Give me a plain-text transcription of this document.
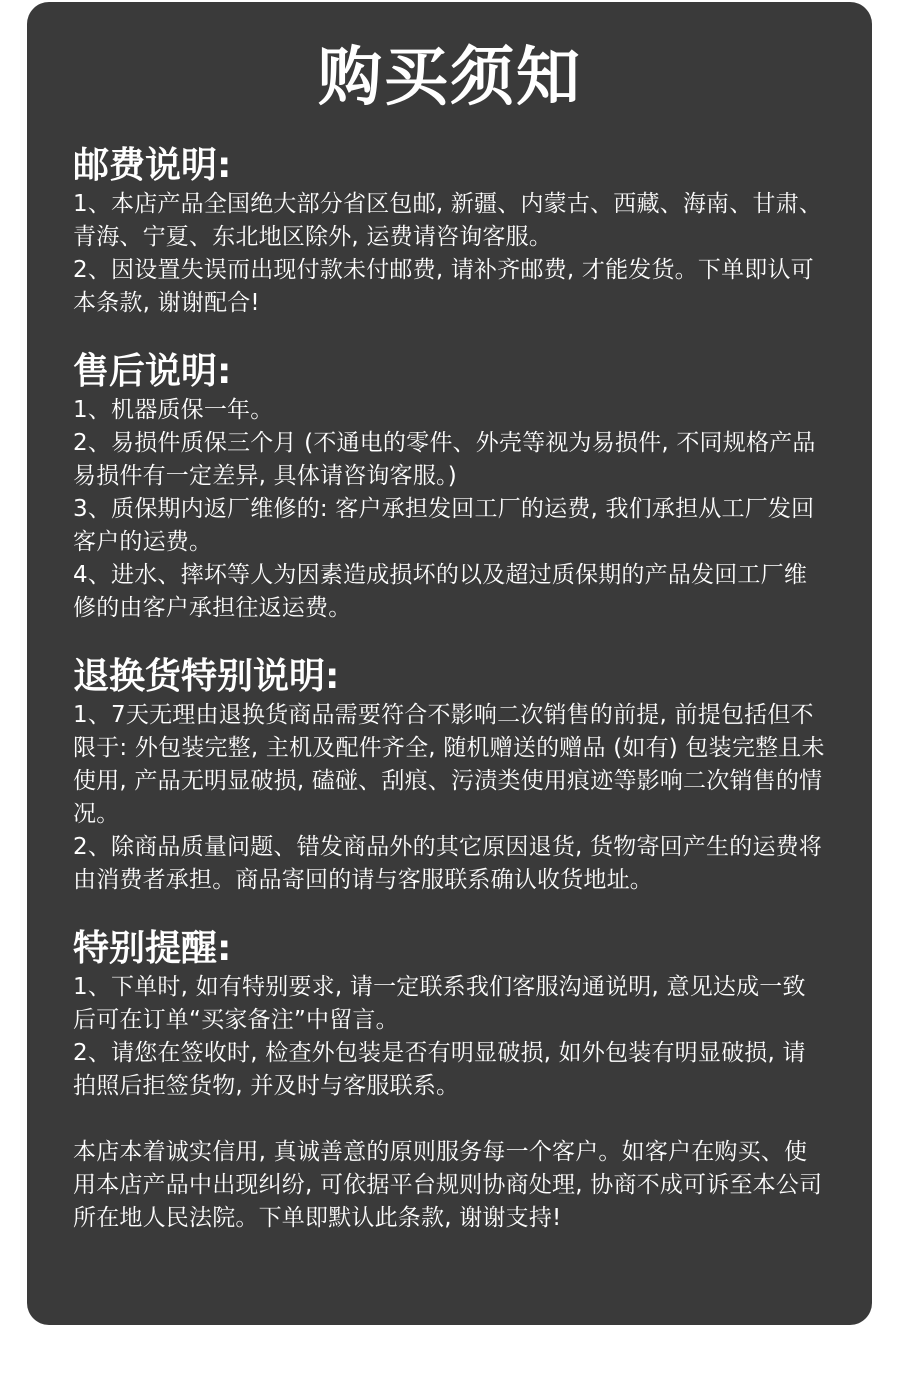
购买须知
邮费说明:

1、本店产品全国绝大部分省区包邮, 新疆、内蒙古、西藏、海南、甘肃、青海、宁夏、东北地区除外, 运费请咨询客服。

2、因设置失误而出现付款未付邮费, 请补齐邮费, 才能发货。下单即认可本条款, 谢谢配合!

售后说明:

1、机器质保一年。

2、易损件质保三个月 (不通电的零件、外壳等视为易损件, 不同规格产品易损件有一定差异, 具体请咨询客服。)

3、质保期内返厂维修的: 客户承担发回工厂的运费, 我们承担从工厂发回客户的运费。

4、进水、摔坏等人为因素造成损坏的以及超过质保期的产品发回工厂维修的由客户承担往返运费。

退换货特别说明:

1、7天无理由退换货商品需要符合不影响二次销售的前提, 前提包括但不限于: 外包装完整, 主机及配件齐全, 随机赠送的赠品 (如有) 包装完整且未使用, 产品无明显破损, 磕碰、刮痕、污渍类使用痕迹等影响二次销售的情况。

2、除商品质量问题、错发商品外的其它原因退货, 货物寄回产生的运费将由消费者承担。商品寄回的请与客服联系确认收货地址。

特别提醒:

1、下单时, 如有特别要求, 请一定联系我们客服沟通说明, 意见达成一致后可在订单“买家备注”中留言。

2、请您在签收时, 检查外包装是否有明显破损, 如外包装有明显破损, 请拍照后拒签货物, 并及时与客服联系。

本店本着诚实信用, 真诚善意的原则服务每一个客户。如客户在购买、使用本店产品中出现纠纷, 可依据平台规则协商处理, 协商不成可诉至本公司所在地人民法院。下单即默认此条款, 谢谢支持!
